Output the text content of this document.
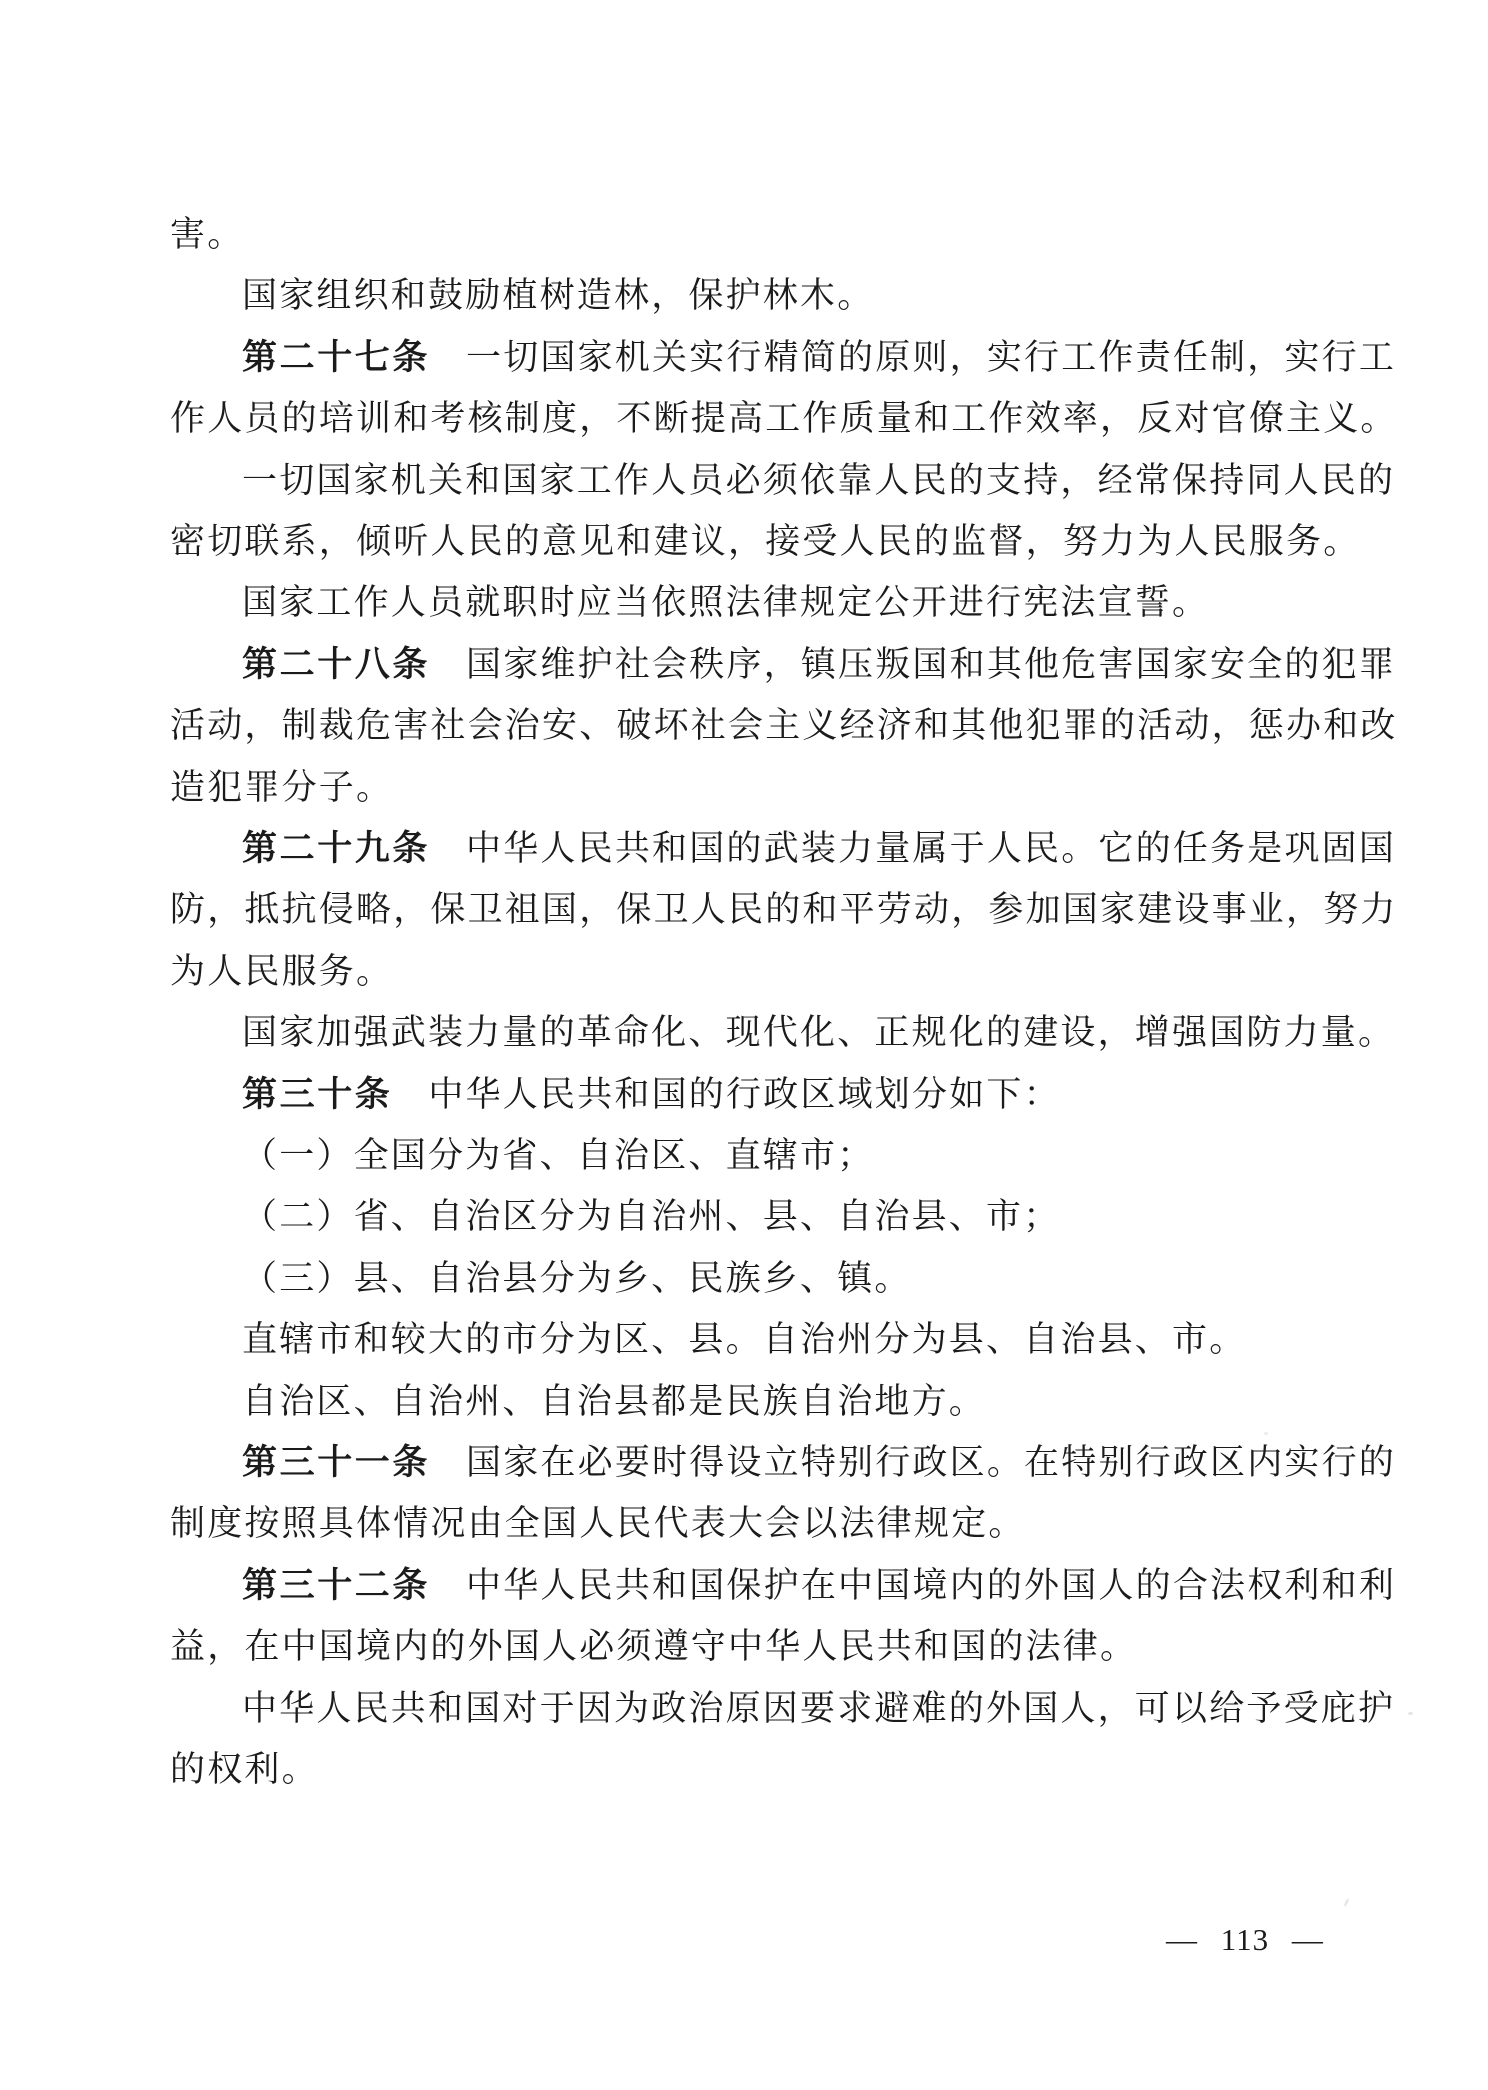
害。
国家组织和鼓励植树造林，保护林木。
第二十七条 一切国家机关实行精简的原则，实行工作责任制，实行工
作人员的培训和考核制度，不断提高工作质量和工作效率，反对官僚主义。
一切国家机关和国家工作人员必须依靠人民的支持，经常保持同人民的
密切联系，倾听人民的意见和建议，接受人民的监督，努力为人民服务。
国家工作人员就职时应当依照法律规定公开进行宪法宣誓。
第二十八条 国家维护社会秩序，镇压叛国和其他危害国家安全的犯罪
活动，制裁危害社会治安、破坏社会主义经济和其他犯罪的活动，惩办和改
造犯罪分子。
第二十九条 中华人民共和国的武装力量属于人民。它的任务是巩固国
防，抵抗侵略，保卫祖国，保卫人民的和平劳动，参加国家建设事业，努力
为人民服务。
国家加强武装力量的革命化、现代化、正规化的建设，增强国防力量。
第三十条 中华人民共和国的行政区域划分如下：
（一）全国分为省、自治区、直辖市；
（二）省、自治区分为自治州、县、自治县、市；
（三）县、自治县分为乡、民族乡、镇。
直辖市和较大的市分为区、县。自治州分为县、自治县、市。
自治区、自治州、自治县都是民族自治地方。
第三十一条 国家在必要时得设立特别行政区。在特别行政区内实行的
制度按照具体情况由全国人民代表大会以法律规定。
第三十二条 中华人民共和国保护在中国境内的外国人的合法权利和利
益，在中国境内的外国人必须遵守中华人民共和国的法律。
中华人民共和国对于因为政治原因要求避难的外国人，可以给予受庇护
的权利。
— 113 —
